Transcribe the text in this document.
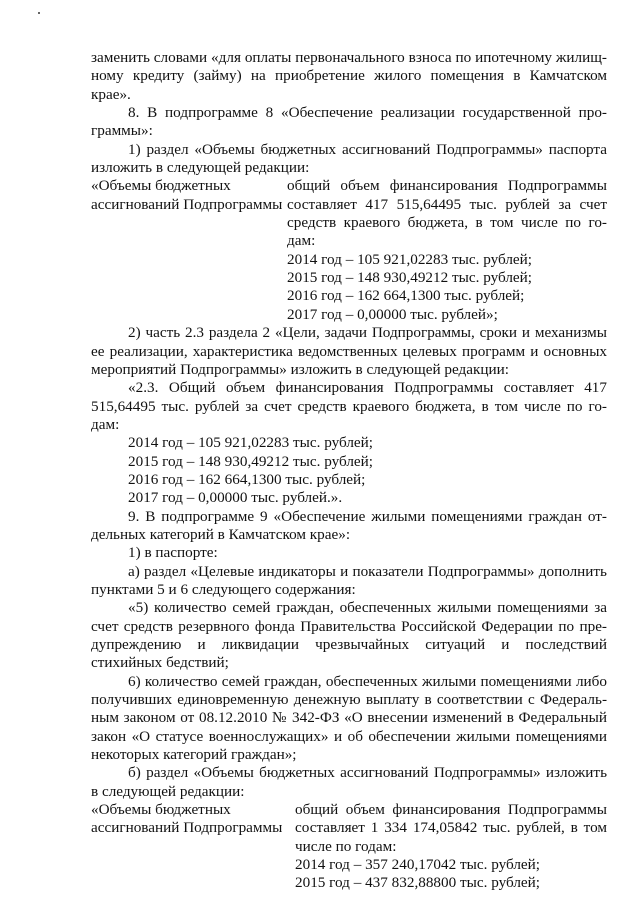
заменить словами «для оплаты первоначального взноса по ипотечному жилищ-ному кредиту (займу) на приобретение жилого помещения в Камчатском крае».

8. В подпрограмме 8 «Обеспечение реализации государственной про-граммы»:

1) раздел «Объемы бюджетных ассигнований Подпрограммы» паспорта изложить в следующей редакции:

«Объемы бюджетных ассигнований Подпрограммы
общий объем финансирования Подпрограммы составляет 417 515,64495 тыс. рублей за счет средств краевого бюджета, в том числе по го-дам:
2014 год – 105 921,02283 тыс. рублей;
2015 год – 148 930,49212 тыс. рублей;
2016 год – 162 664,1300 тыс. рублей;
2017 год – 0,00000 тыс. рублей»;

2) часть 2.3 раздела 2 «Цели, задачи Подпрограммы, сроки и механизмы ее реализации, характеристика ведомственных целевых программ и основных мероприятий Подпрограммы» изложить в следующей редакции:

«2.3. Общий объем финансирования Подпрограммы составляет 417 515,64495 тыс. рублей за счет средств краевого бюджета, в том числе по го-дам:

2014 год – 105 921,02283 тыс. рублей;

2015 год – 148 930,49212 тыс. рублей;

2016 год – 162 664,1300 тыс. рублей;

2017 год – 0,00000 тыс. рублей.».

9. В подпрограмме 9 «Обеспечение жилыми помещениями граждан от-дельных категорий в Камчатском крае»:

1) в паспорте:

а) раздел «Целевые индикаторы и показатели Подпрограммы» дополнить пунктами 5 и 6 следующего содержания:

«5) количество семей граждан, обеспеченных жилыми помещениями за счет средств резервного фонда Правительства Российской Федерации по пре-дупреждению и ликвидации чрезвычайных ситуаций и последствий стихийных бедствий;

6) количество семей граждан, обеспеченных жилыми помещениями либо получивших единовременную денежную выплату в соответствии с Федераль-ным законом от 08.12.2010 № 342-ФЗ «О внесении изменений в Федеральный закон «О статусе военнослужащих» и об обеспечении жилыми помещениями некоторых категорий граждан»;

б) раздел «Объемы бюджетных ассигнований Подпрограммы» изложить в следующей редакции:

«Объемы бюджетных ассигнований Подпрограммы
общий объем финансирования Подпрограммы составляет 1 334 174,05842 тыс. рублей, в том числе по годам:
2014 год – 357 240,17042 тыс. рублей;
2015 год – 437 832,88800 тыс. рублей;
